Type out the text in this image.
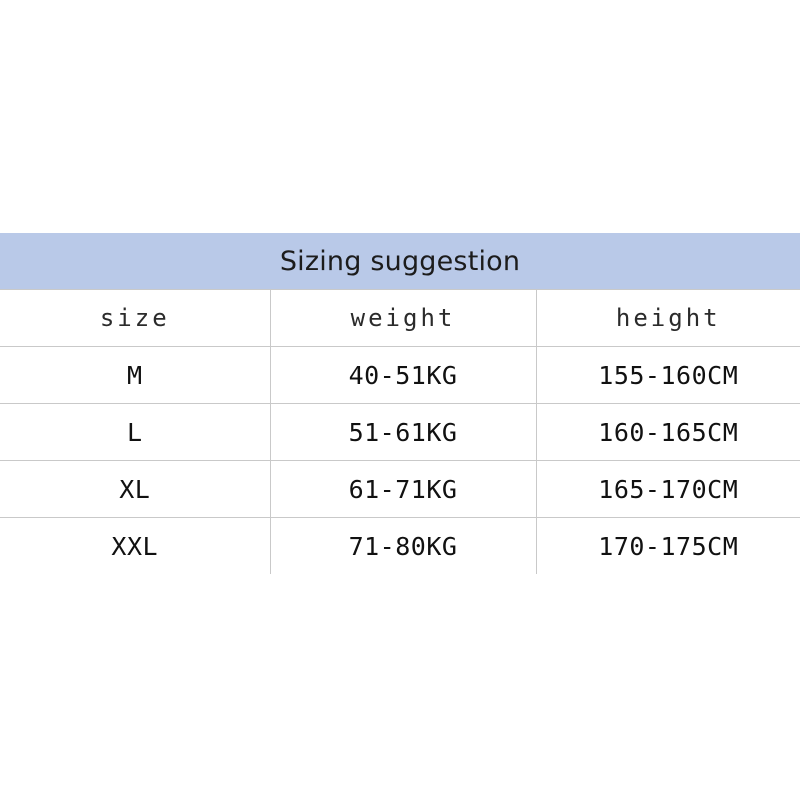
Sizing suggestion		
size	weight	height
M	40-51KG	155-160CM
L	51-61KG	160-165CM
XL	61-71KG	165-170CM
XXL	71-80KG	170-175CM
